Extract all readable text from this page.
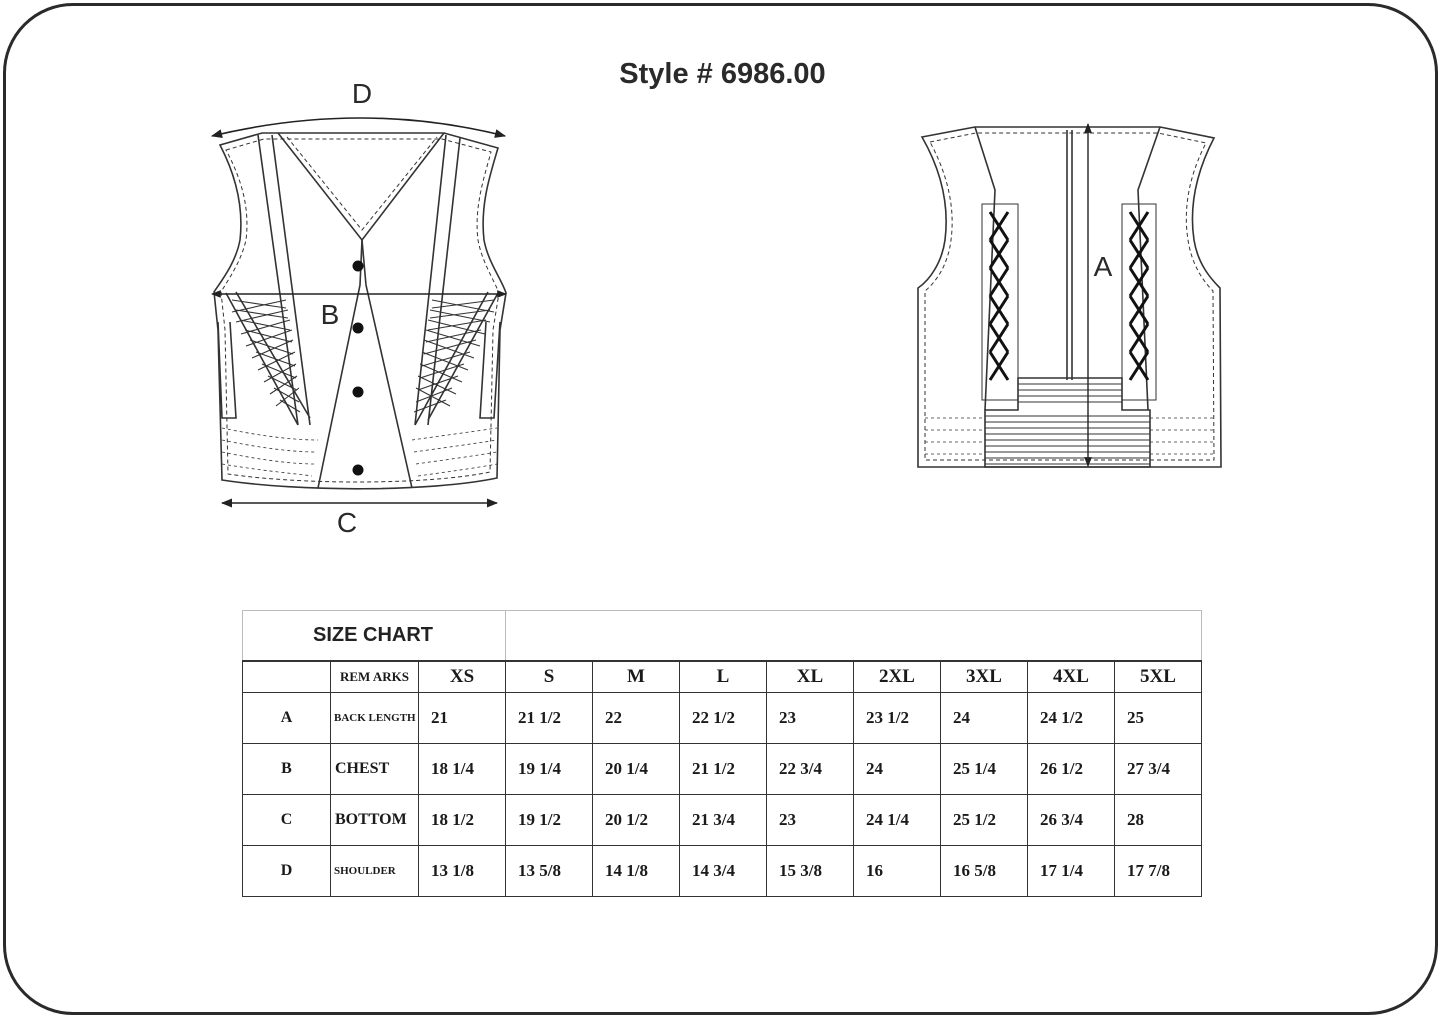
Style # 6986.00
D
B
C
A
SIZE CHART										
	REM ARKS	XS	S	M	L	XL	2XL	3XL	4XL	5XL
A	BACK LENGTH	21	21 1/2	22	22 1/2	23	23 1/2	24	24 1/2	25
B	CHEST	18 1/4	19 1/4	20 1/4	21 1/2	22 3/4	24	25 1/4	26 1/2	27 3/4
C	BOTTOM	18 1/2	19 1/2	20 1/2	21 3/4	23	24 1/4	25 1/2	26 3/4	28
D	SHOULDER	13 1/8	13 5/8	14 1/8	14 3/4	15 3/8	16	16 5/8	17 1/4	17 7/8
